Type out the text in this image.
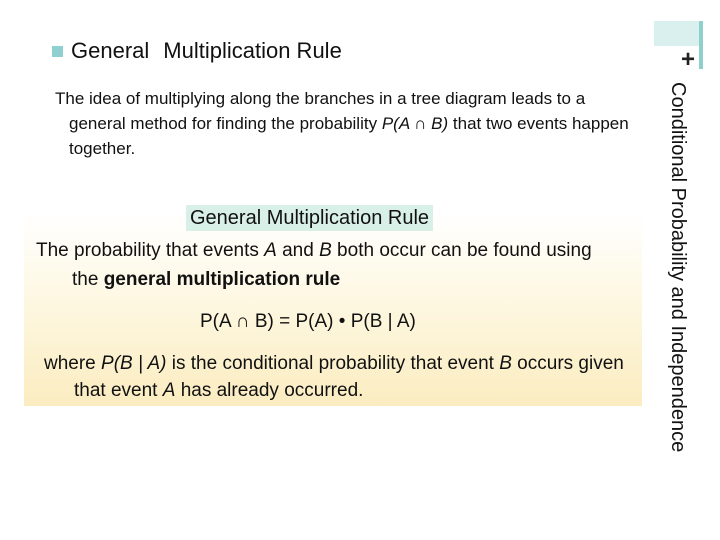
+
General Multiplication Rule
Conditional Probability and Independence
The idea of multiplying along the branches in a tree diagram leads to a general method for finding the probability P(A ∩ B) that two events happen together.
General Multiplication Rule
The probability that events A and B both occur can be found using the general multiplication rule
P(A ∩ B) = P(A) • P(B | A)
where P(B | A) is the conditional probability that event B occurs given that event A has already occurred.
